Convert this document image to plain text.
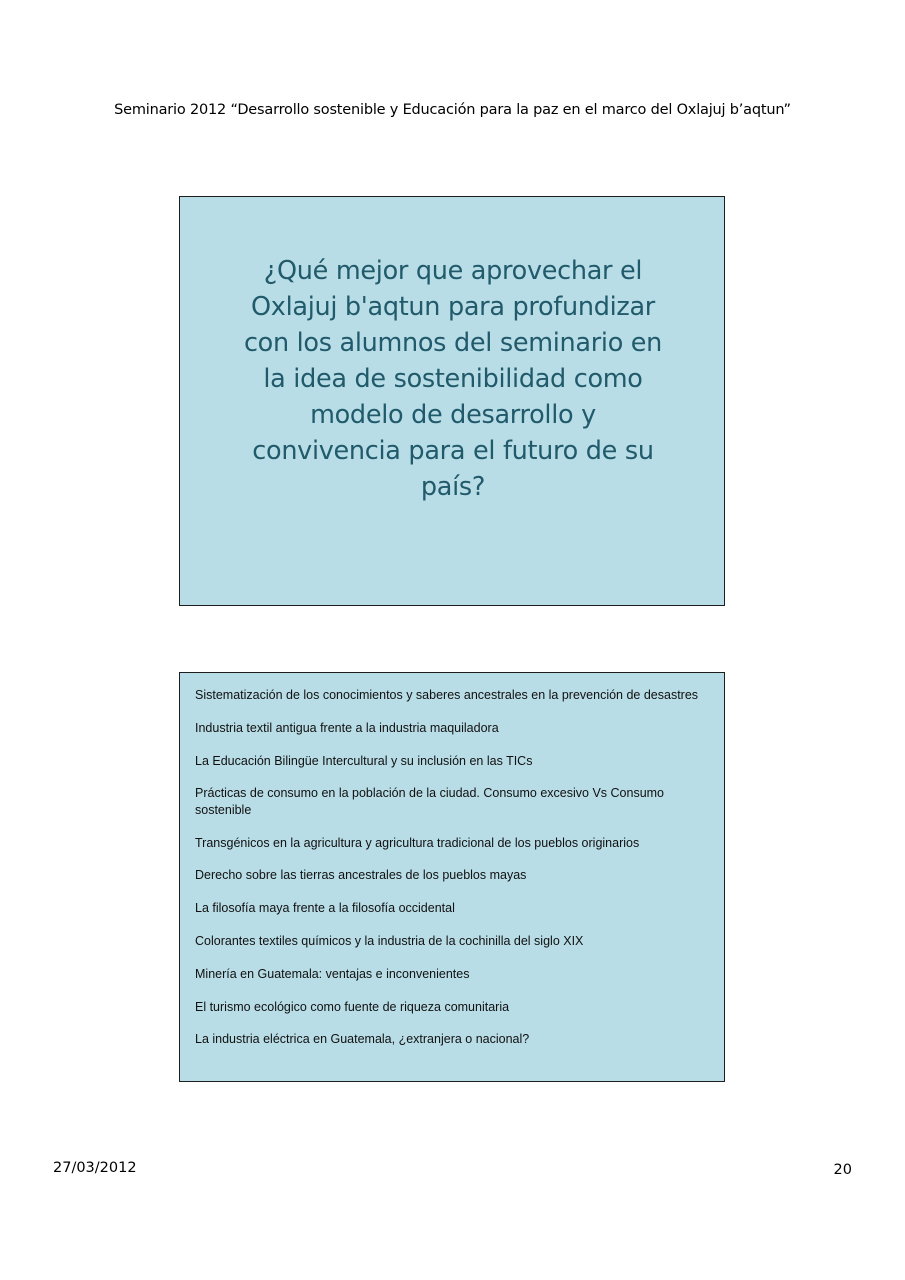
Seminario 2012 “Desarrollo sostenible y Educación para la paz en el marco del Oxlajuj b’aqtun”
¿Qué mejor que aprovechar el
Oxlajuj b'aqtun para profundizar
con los alumnos del seminario en
la idea de sostenibilidad como
modelo de desarrollo y
convivencia para el futuro de su
país?
Sistematización de los conocimientos y saberes ancestrales en la prevención de desastres
Industria textil antigua frente a la industria maquiladora
La Educación Bilingüe Intercultural y su inclusión en las TICs
Prácticas de consumo en la población de la ciudad. Consumo excesivo Vs Consumo sostenible
Transgénicos en la agricultura y agricultura tradicional de los pueblos originarios
Derecho sobre las tierras ancestrales de los pueblos mayas
La filosofía maya frente a la filosofía occidental
Colorantes textiles químicos y la industria de la cochinilla del siglo XIX
Minería en Guatemala: ventajas e inconvenientes
El turismo ecológico como fuente de riqueza comunitaria
La industria eléctrica en Guatemala, ¿extranjera o nacional?
27/03/2012	20
